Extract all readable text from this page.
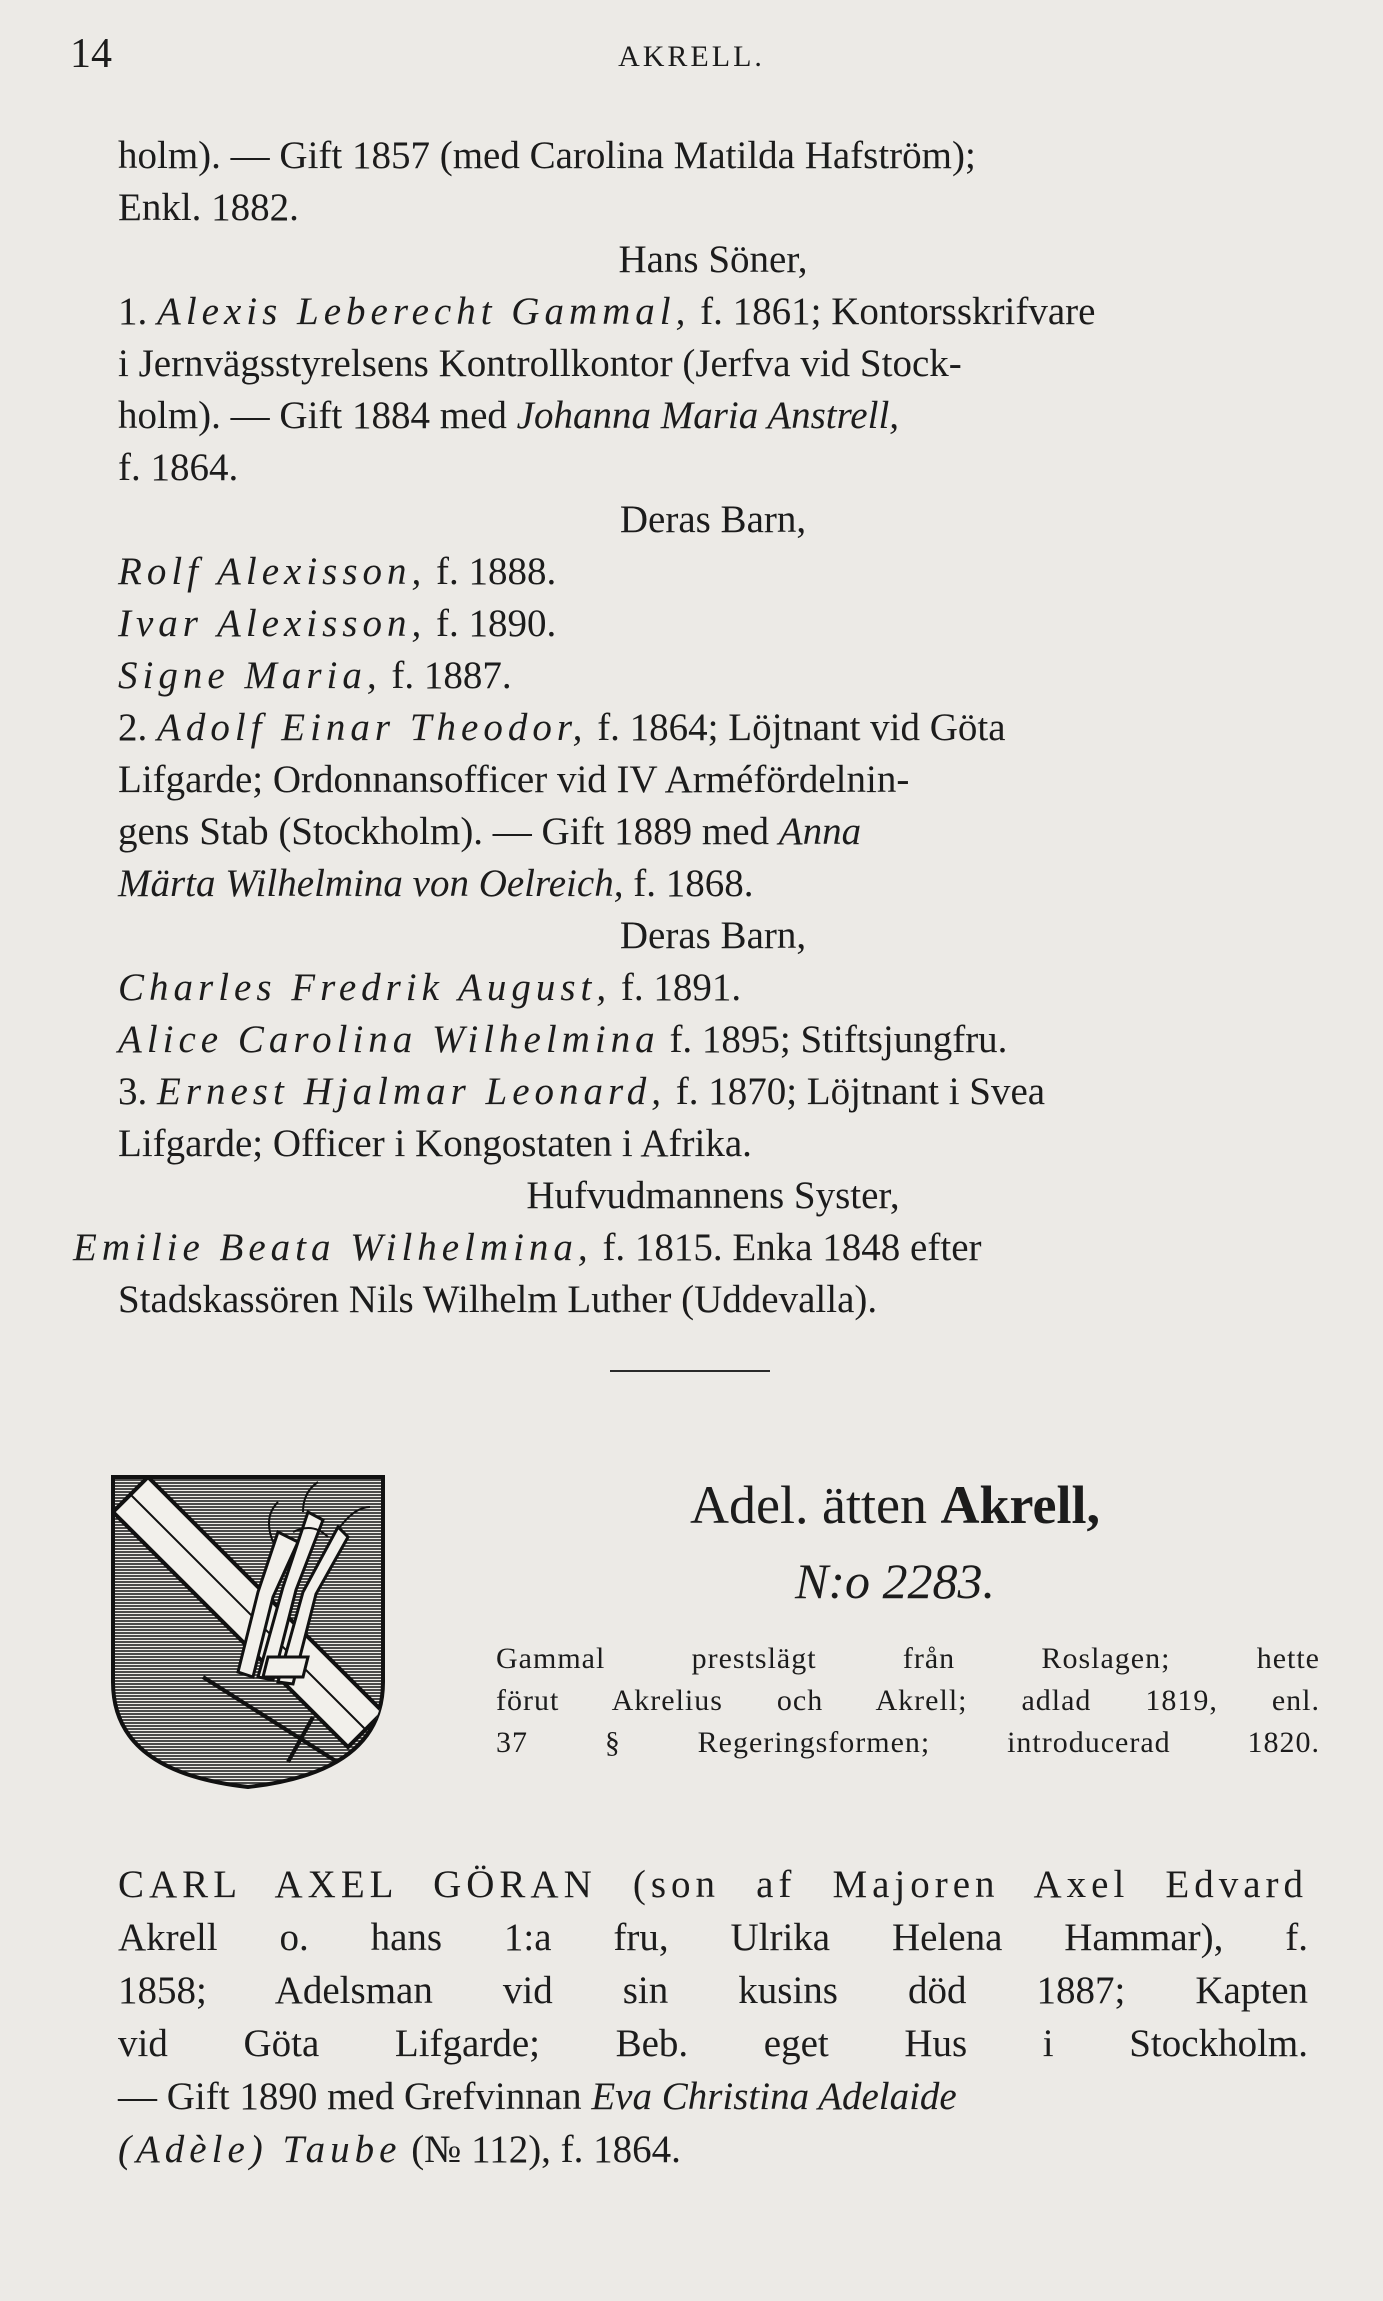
14	AKRELL.
holm). — Gift 1857 (med Carolina Matilda Hafström);
Enkl. 1882.
Hans Söner,
1. Alexis Leberecht Gammal, f. 1861; Kontorsskrifvare
i Jernvägsstyrelsens Kontrollkontor (Jerfva vid Stock-
holm). — Gift 1884 med Johanna Maria Anstrell,
f. 1864.
Deras Barn,
Rolf Alexisson, f. 1888.
Ivar Alexisson, f. 1890.
Signe Maria, f. 1887.
2. Adolf Einar Theodor, f. 1864; Löjtnant vid Göta
Lifgarde; Ordonnansofficer vid IV Arméfördelnin-
gens Stab (Stockholm). — Gift 1889 med Anna
Märta Wilhelmina von Oelreich, f. 1868.
Deras Barn,
Charles Fredrik August, f. 1891.
Alice Carolina Wilhelmina f. 1895; Stiftsjungfru.
3. Ernest Hjalmar Leonard, f. 1870; Löjtnant i Svea
Lifgarde; Officer i Kongostaten i Afrika.
Hufvudmannens Syster,
Emilie Beata Wilhelmina, f. 1815. Enka 1848 efter
Stadskassören Nils Wilhelm Luther (Uddevalla).
Adel. ätten Akrell,
N:o 2283.
Gammal prestslägt från Roslagen; hette
förut Akrelius och Akrell; adlad 1819, enl.
37 § Regeringsformen; introducerad 1820.
CARL AXEL GÖRAN (son af Majoren Axel Edvard
Akrell o. hans 1:a fru, Ulrika Helena Hammar), f.
1858; Adelsman vid sin kusins död 1887; Kapten
vid Göta Lifgarde; Beb. eget Hus i Stockholm.
— Gift 1890 med Grefvinnan Eva Christina Adelaide
(Adèle) Taube (№ 112), f. 1864.
